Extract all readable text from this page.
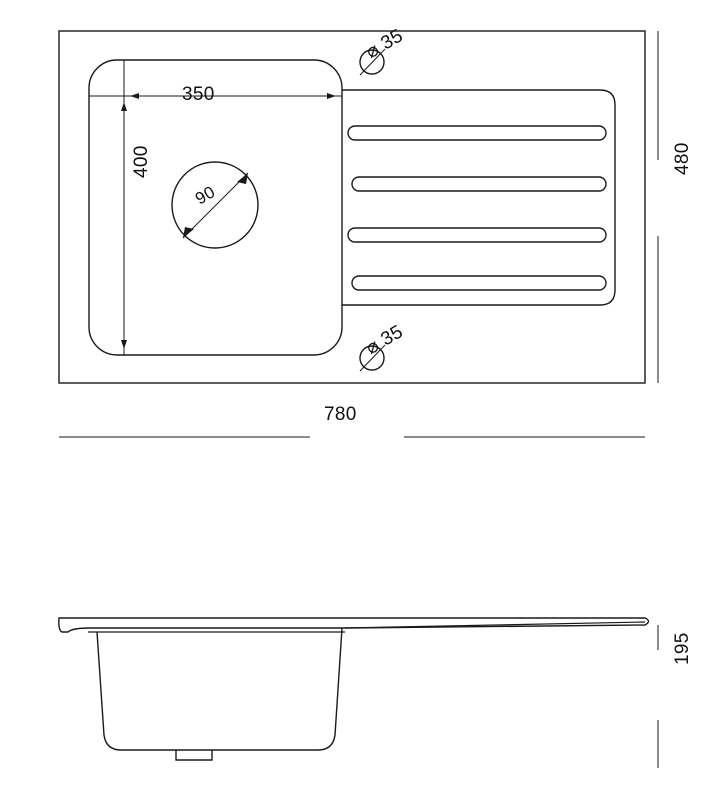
350
400
90
⌀ 35
⌀ 35
780
480
195
